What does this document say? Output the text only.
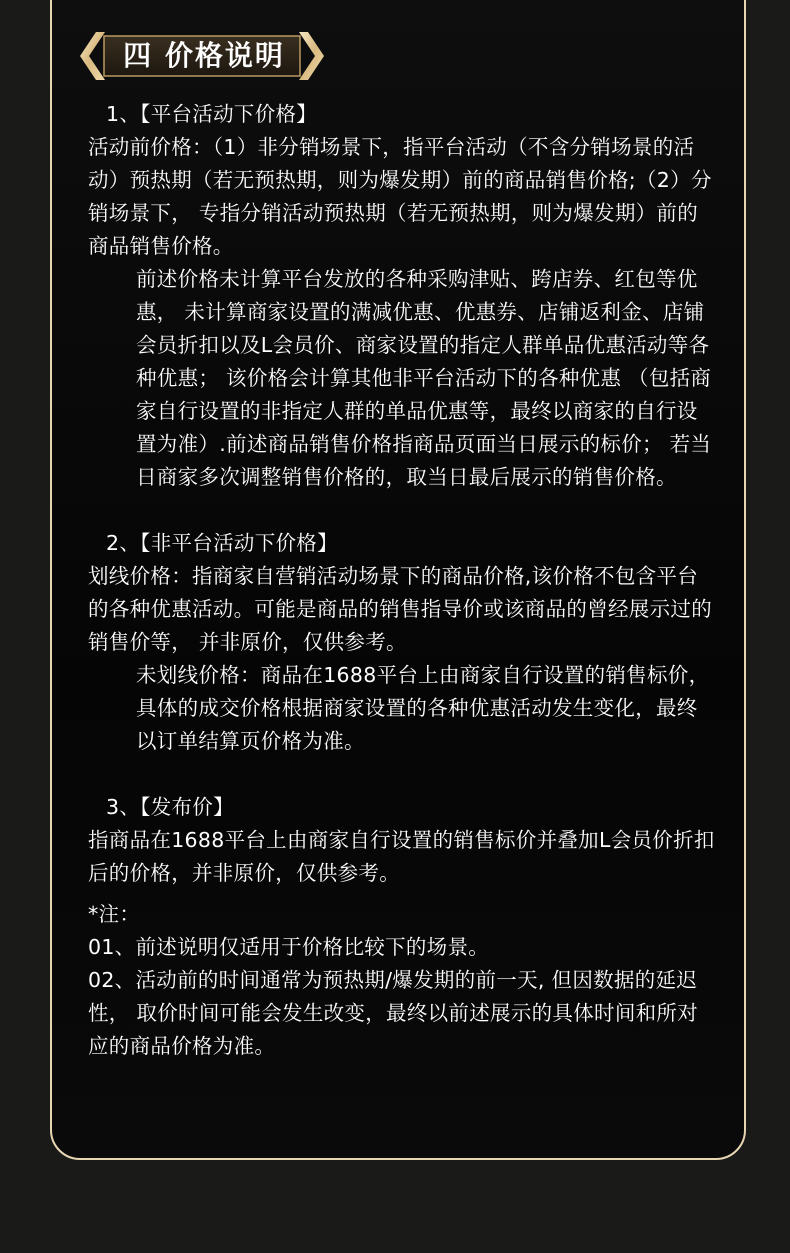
四 价格说明

1、【平台活动下价格】

活动前价格：（1）非分销场景下，指平台活动（不含分销场景的活动）预热期（若无预热期，则为爆发期）前的商品销售价格;（2）分销场景下， 专指分销活动预热期（若无预热期，则为爆发期）前的商品销售价格。

前述价格未计算平台发放的各种采购津贴、跨店券、红包等优惠， 未计算商家设置的满减优惠、优惠券、店铺返利金、店铺会员折扣以及L会员价、商家设置的指定人群单品优惠活动等各种优惠； 该价格会计算其他非平台活动下的各种优惠 （包括商家自行设置的非指定人群的单品优惠等，最终以商家的自行设置为准）.前述商品销售价格指商品页面当日展示的标价； 若当日商家多次调整销售价格的，取当日最后展示的销售价格。

2、【非平台活动下价格】

划线价格：指商家自营销活动场景下的商品价格,该价格不包含平台的各种优惠活动。可能是商品的销售指导价或该商品的曾经展示过的销售价等， 并非原价，仅供参考。

未划线价格：商品在1688平台上由商家自行设置的销售标价， 具体的成交价格根据商家设置的各种优惠活动发生变化，最终以订单结算页价格为准。

3、【发布价】

指商品在1688平台上由商家自行设置的销售标价并叠加L会员价折扣后的价格，并非原价，仅供参考。

*注：

01、前述说明仅适用于价格比较下的场景。

02、活动前的时间通常为预热期/爆发期的前一天, 但因数据的延迟性， 取价时间可能会发生改变，最终以前述展示的具体时间和所对应的商品价格为准。
